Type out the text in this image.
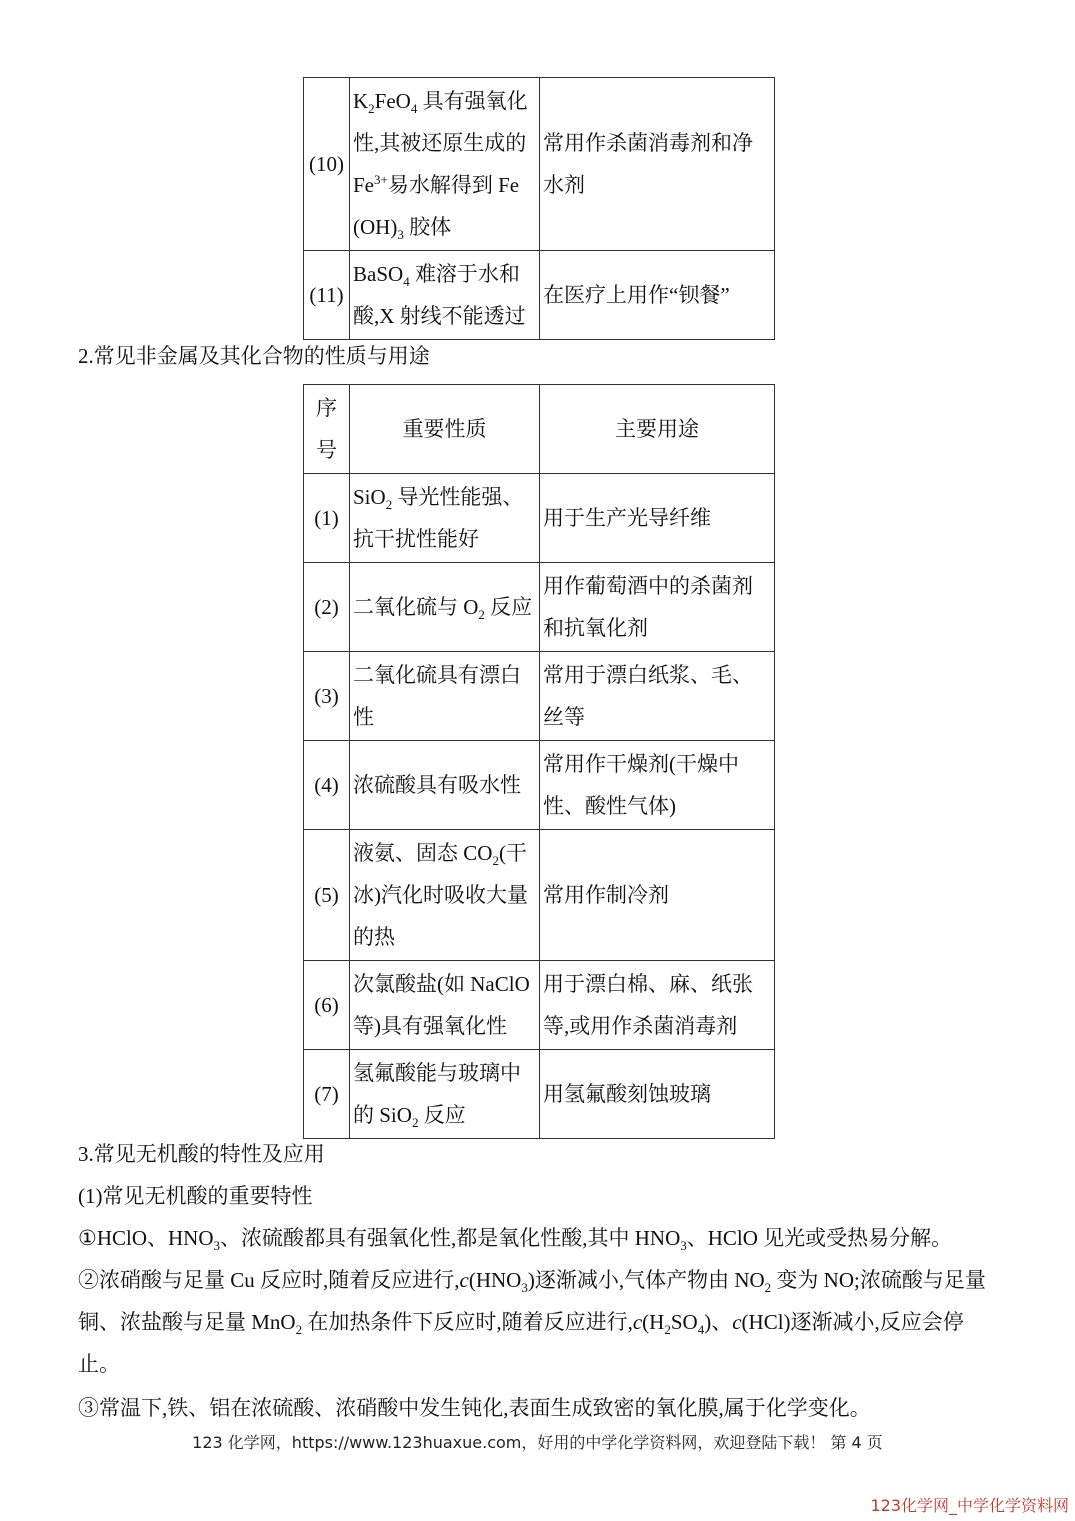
(10)	$K_2FeO_4$ 具有强氧化性,其被还原生成的 $Fe^{3+}$易水解得到 $Fe(OH)_3$ 胶体	常用作杀菌消毒剂和净水剂
(11)	BaSO$_4$ 难溶于水和酸,X 射线不能透过	在医疗上用作“钡餐”
2.常见非金属及其化合物的性质与用途
序号	重要性质	主要用途
(1)	SiO$_2$ 导光性能强、抗干扰性能好	用于生产光导纤维
(2)	二氧化硫与 $O_2$ 反应	用作葡萄酒中的杀菌剂和抗氧化剂
(3)	二氧化硫具有漂白性	常用于漂白纸浆、毛、丝等
(4)	浓硫酸具有吸水性	常用作干燥剂(干燥中性、酸性气体)
(5)	液氨、固态 $CO_2$(干冰)汽化时吸收大量的热	常用作制冷剂
(6)	次氯酸盐(如 NaClO 等)具有强氧化性	用于漂白棉、麻、纸张等,或用作杀菌消毒剂
(7)	氢氟酸能与玻璃中的 SiO$_2$ 反应	用氢氟酸刻蚀玻璃
3.常见无机酸的特性及应用
(1)常见无机酸的重要特性
①HClO、$HNO_3$、浓硫酸都具有强氧化性,都是氧化性酸,其中 $HNO_3$、HClO 见光或受热易分解。
②浓硝酸与足量 Cu 反应时,随着反应进行$,c(HNO_3)$逐渐减小,气体产物由 $NO_2$ 变为 NO;浓硫酸与足量铜、浓盐酸与足量 MnO$_2$ 在加热条件下反应时,随着反应进行$,c(H_2SO_4)$、c(HCl)逐渐减小,反应会停止。
③常温下,铁、铝在浓硫酸、浓硝酸中发生钝化,表面生成致密的氧化膜,属于化学变化。
123 化学网，https://www.123huaxue.com，好用的中学化学资料网，欢迎登陆下载！ 第 4 页
123化学网_中学化学资料网
